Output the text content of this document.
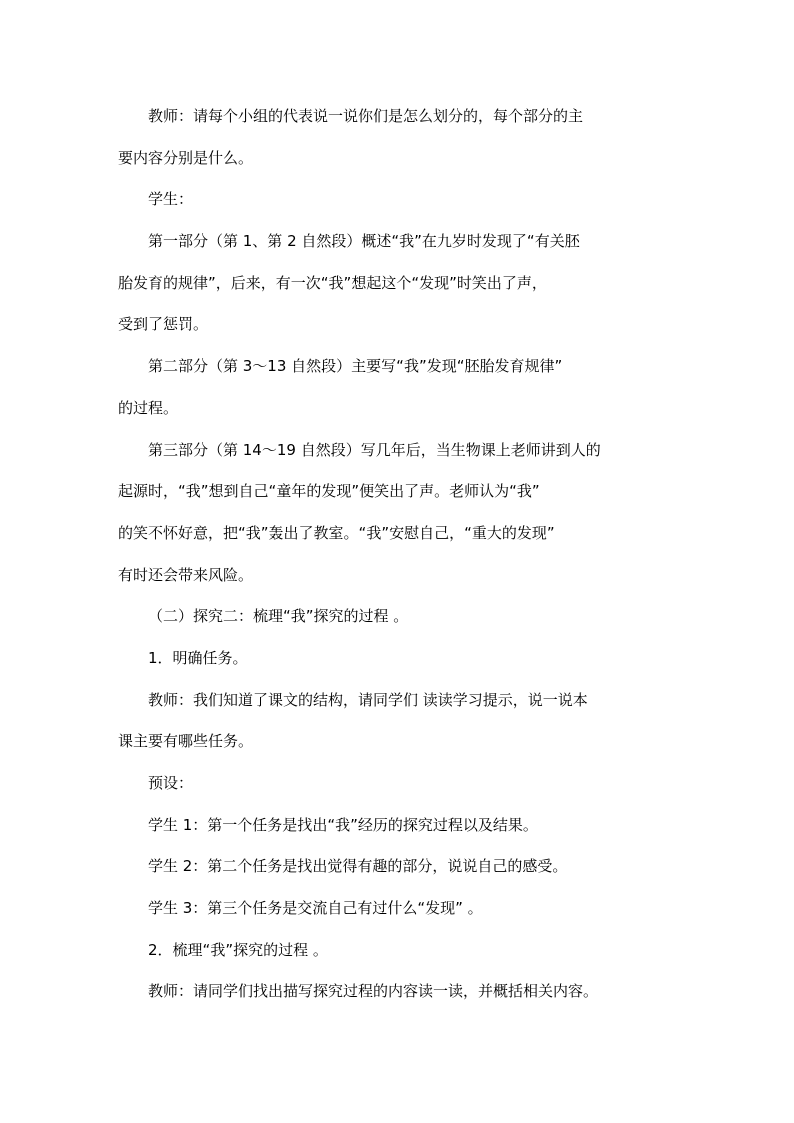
教师：请每个小组的代表说一说你们是怎么划分的，每个部分的主
要内容分别是什么。
学生：
第一部分（第 1、第 2 自然段）概述“我”在九岁时发现了“有关胚
胎发育的规律”，后来，有一次“我”想起这个“发现”时笑出了声，
受到了惩罚。
第二部分（第 3～13 自然段）主要写“我”发现“胚胎发育规律”
的过程。
第三部分（第 14～19 自然段）写几年后，当生物课上老师讲到人的
起源时，“我”想到自己“童年的发现”便笑出了声。老师认为“我”
的笑不怀好意，把“我”轰出了教室。“我”安慰自己，“重大的发现”
有时还会带来风险。
（二）探究二：梳理“我”探究的过程 。
1．明确任务。
教师：我们知道了课文的结构，请同学们 读读学习提示，说一说本
课主要有哪些任务。
预设：
学生 1：第一个任务是找出“我”经历的探究过程以及结果。
学生 2：第二个任务是找出觉得有趣的部分，说说自己的感受。
学生 3：第三个任务是交流自己有过什么“发现” 。
2．梳理“我”探究的过程 。
教师：请同学们找出描写探究过程的内容读一读，并概括相关内容。
